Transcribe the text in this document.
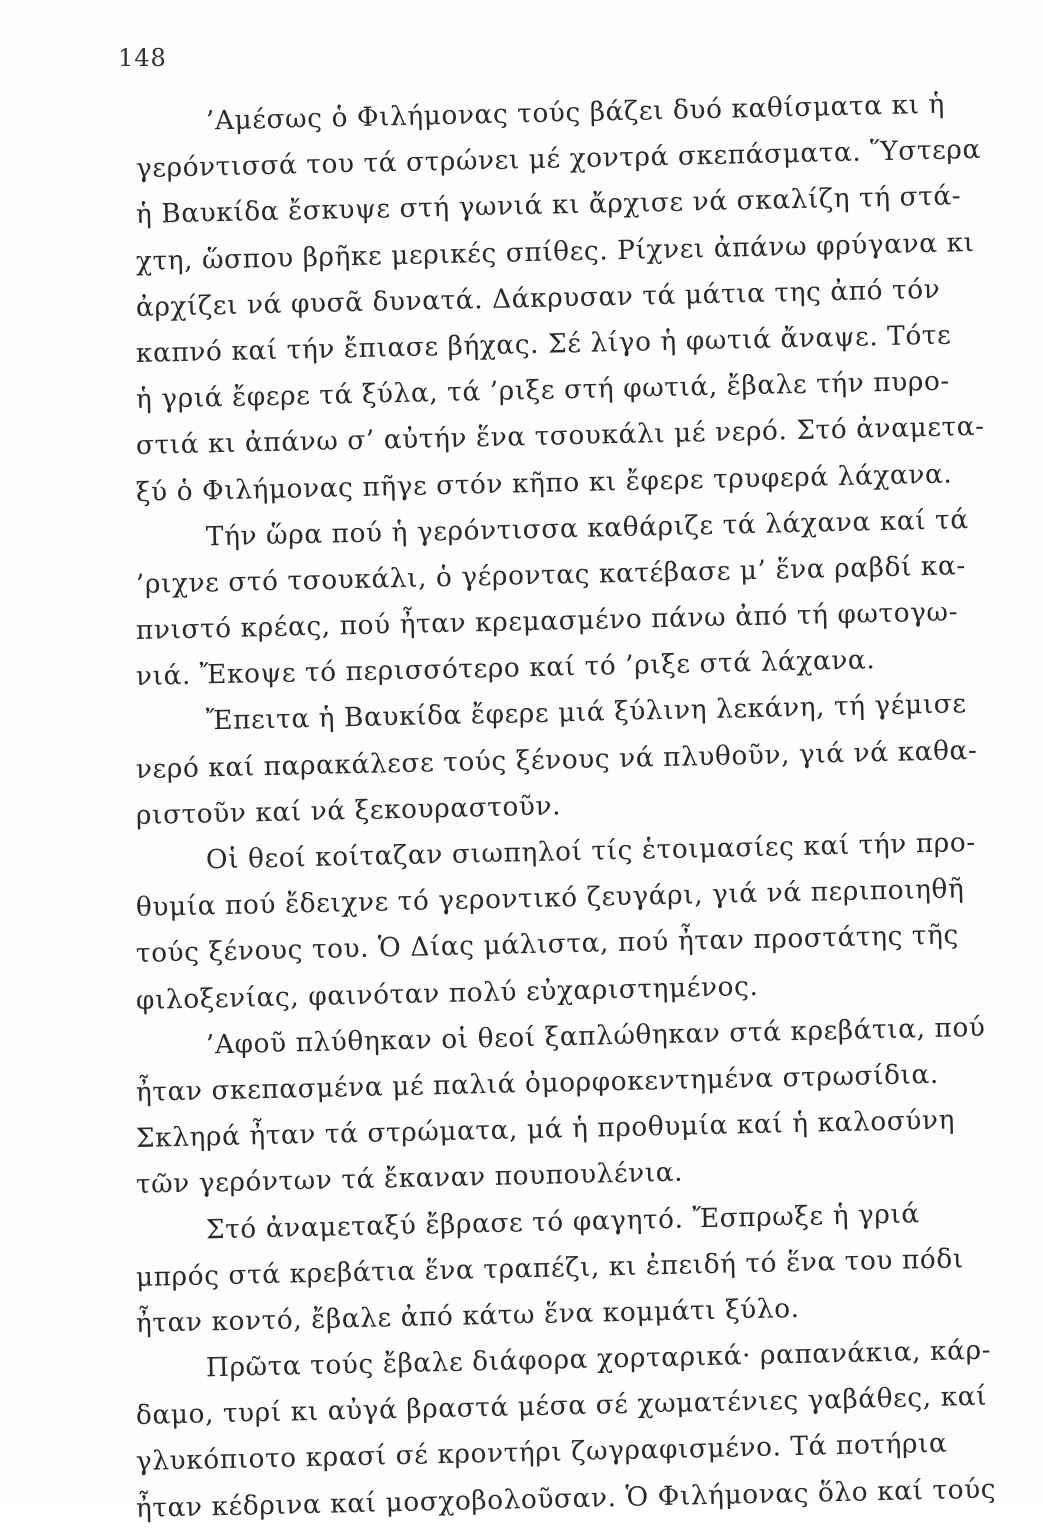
148
’Αμέσως ὁ Φιλήμονας τούς βάζει δυό καθίσματα κι ἡ
γερόντισσά του τά στρώνει μέ χοντρά σκεπάσματα. Ὕστερα
ἡ Βαυκίδα ἔσκυψε στή γωνιά κι ἄρχισε νά σκαλίζη τή στά-
χτη, ὥσπου βρῆκε μερικές σπίθες. Ρίχνει ἀπάνω φρύγανα κι
ἀρχίζει νά φυσᾶ δυνατά. Δάκρυσαν τά μάτια της ἀπό τόν
καπνό καί τήν ἔπιασε βήχας. Σέ λίγο ἡ φωτιά ἄναψε. Τότε
ἡ γριά ἔφερε τά ξύλα, τά ’ριξε στή φωτιά, ἔβαλε τήν πυρο-
στιά κι ἀπάνω σ’ αὐτήν ἕνα τσουκάλι μέ νερό. Στό ἀναμετα-
ξύ ὁ Φιλήμονας πῆγε στόν κῆπο κι ἔφερε τρυφερά λάχανα.
Τήν ὥρα πού ἡ γερόντισσα καθάριζε τά λάχανα καί τά
’ριχνε στό τσουκάλι, ὁ γέροντας κατέβασε μ’ ἕνα ραβδί κα-
πνιστό κρέας, πού ἦταν κρεμασμένο πάνω ἀπό τή φωτογω-
νιά. Ἔκοψε τό περισσότερο καί τό ’ριξε στά λάχανα.
Ἔπειτα ἡ Βαυκίδα ἔφερε μιά ξύλινη λεκάνη, τή γέμισε
νερό καί παρακάλεσε τούς ξένους νά πλυθοῦν, γιά νά καθα-
ριστοῦν καί νά ξεκουραστοῦν.
Οἱ θεοί κοίταζαν σιωπηλοί τίς ἑτοιμασίες καί τήν προ-
θυμία πού ἔδειχνε τό γεροντικό ζευγάρι, γιά νά περιποιηθῆ
τούς ξένους του. Ὁ Δίας μάλιστα, πού ἦταν προστάτης τῆς
φιλοξενίας, φαινόταν πολύ εὐχαριστημένος.
’Αφοῦ πλύθηκαν οἱ θεοί ξαπλώθηκαν στά κρεβάτια, πού
ἦταν σκεπασμένα μέ παλιά ὀμορφοκεντημένα στρωσίδια.
Σκληρά ἦταν τά στρώματα, μά ἡ προθυμία καί ἡ καλοσύνη
τῶν γερόντων τά ἔκαναν πουπουλένια.
Στό ἀναμεταξύ ἔβρασε τό φαγητό. Ἔσπρωξε ἡ γριά
μπρός στά κρεβάτια ἕνα τραπέζι, κι ἐπειδή τό ἕνα του πόδι
ἦταν κοντό, ἔβαλε ἀπό κάτω ἕνα κομμάτι ξύλο.
Πρῶτα τούς ἔβαλε διάφορα χορταρικά· ραπανάκια, κάρ-
δαμο, τυρί κι αὐγά βραστά μέσα σέ χωματένιες γαβάθες, καί
γλυκόπιοτο κρασί σέ κροντήρι ζωγραφισμένο. Τά ποτήρια
ἦταν κέδρινα καί μοσχοβολοῦσαν. Ὁ Φιλήμονας ὅλο καί τούς
